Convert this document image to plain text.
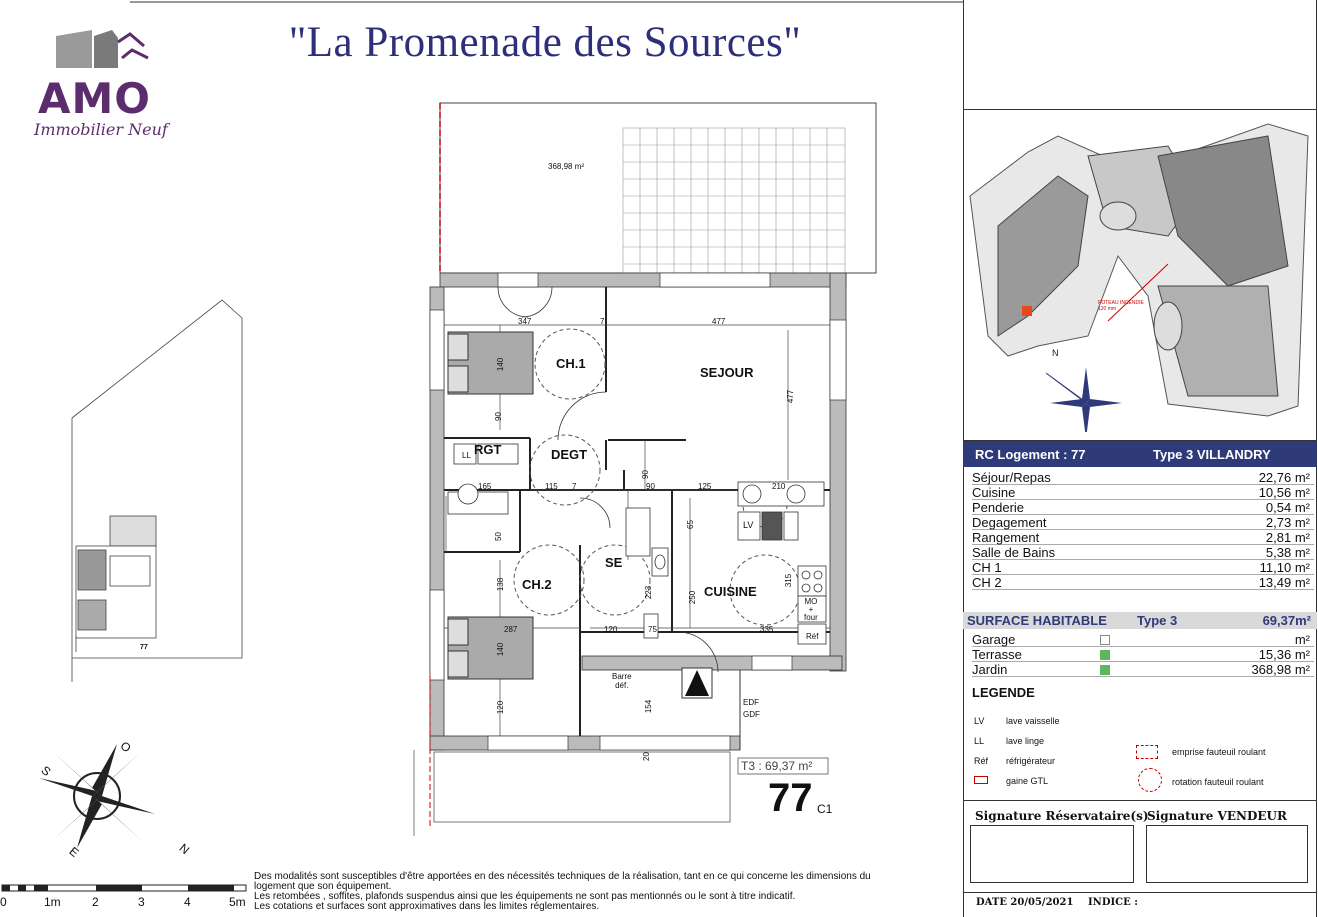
"La Promenade des Sources"
AMO
Immobilier Neuf
368,98 m²
CH.1
SEJOUR
RGT	DEGT
CH.2
SE
CUISINE
LV
LL
MO
+
four
Réf
Barre
déf.
EDF
GDF
347	7	477
477
90
115
165	7	90	125	210
90
65
250
335
315
287
140
140
138
120
120
75
154
20
223
50
T3 : 69,37 m²
77 C1
77
S
O
N
E
0	1m	2	3	4	5m
Des modalités sont susceptibles d'être apportées en des nécessités techniques de la réalisation, tant en ce qui concerne les dimensions du
logement que son équipement.
Les retombées , soffites, plafonds suspendus ainsi que les équipements ne sont pas mentionnés ou le sont à titre indicatif.
Les cotations et surfaces sont approximatives dans les limites réglementaires.
POTEAU INCENDIE
120 mm
N
RC Logement : 77	Type 3 VILLANDRY
Séjour/Repas	22,76 m²
Cuisine	10,56 m²
Penderie	0,54 m²
Degagement	2,73 m²
Rangement	2,81 m²
Salle de Bains	5,38 m²
CH 1	11,10 m²
CH 2	13,49 m²
SURFACE HABITABLE Type 3	69,37m²
Garage	m²
Terrasse	15,36 m²
Jardin	368,98 m²
LEGENDE
LV lave vaisselle
LL lave linge
Réf réfrigérateur
gaine GTL
emprise fauteuil roulant
rotation fauteuil roulant
Signature Réservataire(s)
Signature VENDEUR
DATE 20/05/2021 INDICE :
